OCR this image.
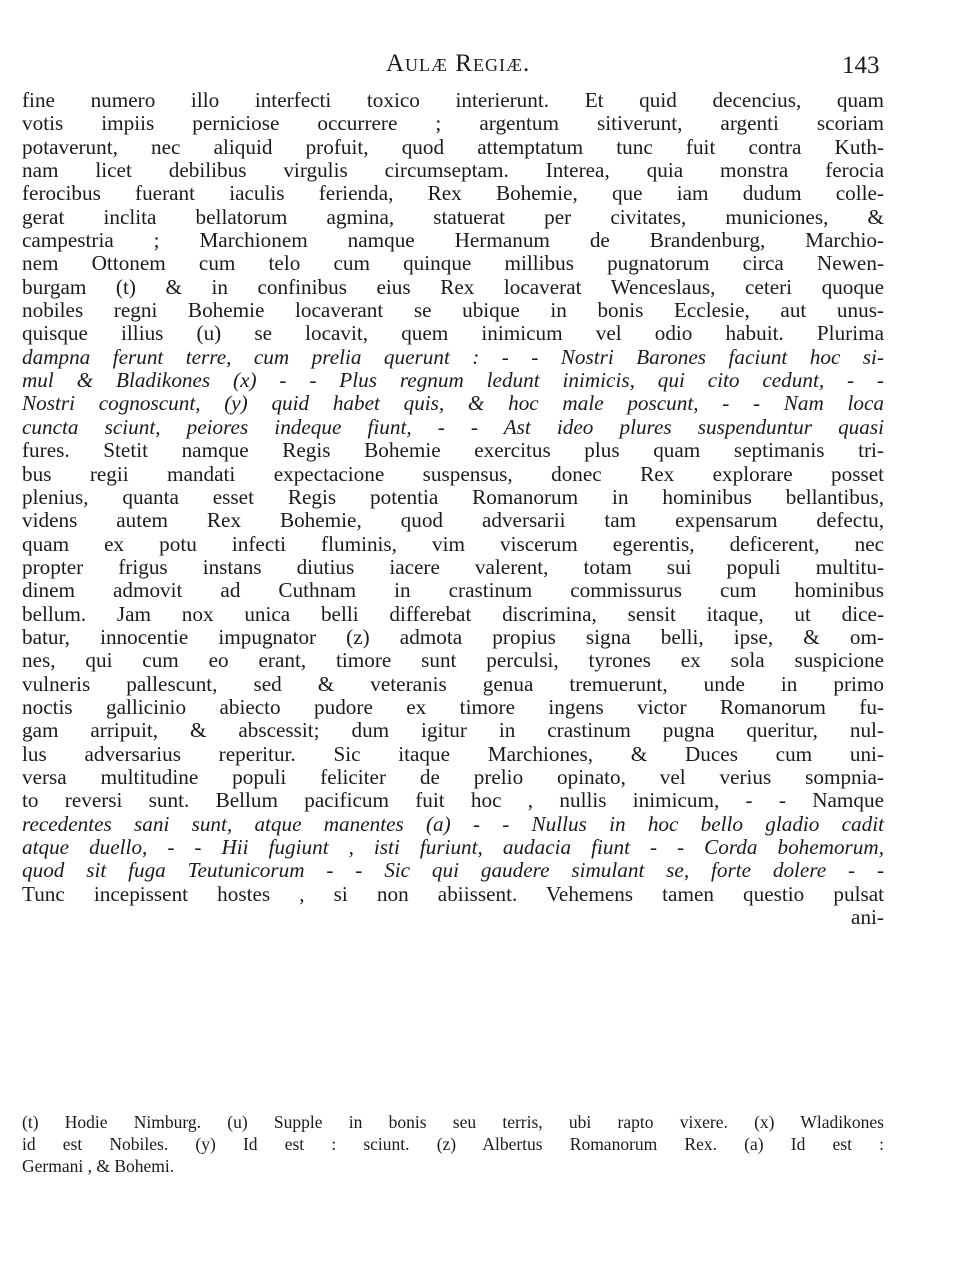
Aulæ Regiæ.	143
fine numero illo interfecti toxico interierunt. Et quid decencius, quam
votis impiis perniciose occurrere ; argentum sitiverunt, argenti scoriam
potaverunt, nec aliquid profuit, quod attemptatum tunc fuit contra Kuth-
nam licet debilibus virgulis circumseptam. Interea, quia monstra ferocia
ferocibus fuerant iaculis ferienda, Rex Bohemie, que iam dudum colle-
gerat inclita bellatorum agmina, statuerat per civitates, municiones, &
campestria ; Marchionem namque Hermanum de Brandenburg, Marchio-
nem Ottonem cum telo cum quinque millibus pugnatorum circa Newen-
burgam (t) & in confinibus eius Rex locaverat Wenceslaus, ceteri quoque
nobiles regni Bohemie locaverant se ubique in bonis Ecclesie, aut unus-
quisque illius (u) se locavit, quem inimicum vel odio habuit. Plurima
dampna ferunt terre, cum prelia querunt : - - Nostri Barones faciunt hoc si-
mul & Bladikones (x) - - Plus regnum ledunt inimicis, qui cito cedunt, - -
Nostri cognoscunt, (y) quid habet quis, & hoc male poscunt, - - Nam loca
cuncta sciunt, peiores indeque fiunt, - - Ast ideo plures suspenduntur quasi
fures. Stetit namque Regis Bohemie exercitus plus quam septimanis tri-
bus regii mandati expectacione suspensus, donec Rex explorare posset
plenius, quanta esset Regis potentia Romanorum in hominibus bellantibus,
videns autem Rex Bohemie, quod adversarii tam expensarum defectu,
quam ex potu infecti fluminis, vim viscerum egerentis, deficerent, nec
propter frigus instans diutius iacere valerent, totam sui populi multitu-
dinem admovit ad Cuthnam in crastinum commissurus cum hominibus
bellum. Jam nox unica belli differebat discrimina, sensit itaque, ut dice-
batur, innocentie impugnator (z) admota propius signa belli, ipse, & om-
nes, qui cum eo erant, timore sunt perculsi, tyrones ex sola suspicione
vulneris pallescunt, sed & veteranis genua tremuerunt, unde in primo
noctis gallicinio abiecto pudore ex timore ingens victor Romanorum fu-
gam arripuit, & abscessit; dum igitur in crastinum pugna queritur, nul-
lus adversarius reperitur. Sic itaque Marchiones, & Duces cum uni-
versa multitudine populi feliciter de prelio opinato, vel verius sompnia-
to reversi sunt. Bellum pacificum fuit hoc , nullis inimicum, - - Namque
recedentes sani sunt, atque manentes (a) - - Nullus in hoc bello gladio cadit
atque duello, - - Hii fugiunt , isti furiunt, audacia fiunt - - Corda bohemorum,
quod sit fuga Teutunicorum - - Sic qui gaudere simulant se, forte dolere - -
Tunc incepissent hostes , si non abiissent. Vehemens tamen questio pulsat
ani-
(t) Hodie Nimburg. (u) Supple in bonis seu terris, ubi rapto vixere. (x) Wladikones
id est Nobiles. (y) Id est : sciunt. (z) Albertus Romanorum Rex. (a) Id est :
Germani , & Bohemi.
